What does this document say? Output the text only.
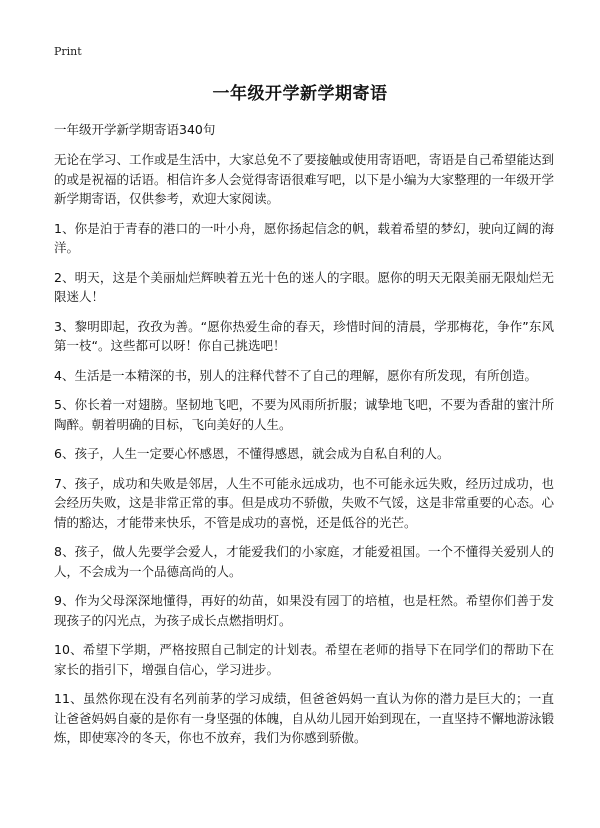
Print
一年级开学新学期寄语

一年级开学新学期寄语340句

无论在学习、工作或是生活中，大家总免不了要接触或使用寄语吧，寄语是自己希望能达到的或是祝福的话语。相信许多人会觉得寄语很难写吧，以下是小编为大家整理的一年级开学新学期寄语，仅供参考，欢迎大家阅读。

1、你是泊于青春的港口的一叶小舟，愿你扬起信念的帆，载着希望的梦幻，驶向辽阔的海洋。

2、明天，这是个美丽灿烂辉映着五光十色的迷人的字眼。愿你的明天无限美丽无限灿烂无限迷人！

3、黎明即起，孜孜为善。“愿你热爱生命的春天，珍惜时间的清晨，学那梅花，争作”东风第一枝“。这些都可以呀！你自己挑选吧！

4、生活是一本精深的书，别人的注释代替不了自己的理解，愿你有所发现，有所创造。

5、你长着一对翅膀。坚韧地飞吧，不要为风雨所折服；诚挚地飞吧，不要为香甜的蜜汁所陶醉。朝着明确的目标，飞向美好的人生。

6、孩子，人生一定要心怀感恩，不懂得感恩，就会成为自私自利的人。

7、孩子，成功和失败是邻居，人生不可能永远成功，也不可能永远失败，经历过成功，也会经历失败，这是非常正常的事。但是成功不骄傲，失败不气馁，这是非常重要的心态。心情的豁达，才能带来快乐，不管是成功的喜悦，还是低谷的光芒。

8、孩子，做人先要学会爱人，才能爱我们的小家庭，才能爱祖国。一个不懂得关爱别人的人，不会成为一个品德高尚的人。

9、作为父母深深地懂得，再好的幼苗，如果没有园丁的培植，也是枉然。希望你们善于发现孩子的闪光点，为孩子成长点燃指明灯。

10、希望下学期，严格按照自己制定的计划表。希望在老师的指导下在同学们的帮助下在家长的指引下，增强自信心，学习进步。

11、虽然你现在没有名列前茅的学习成绩，但爸爸妈妈一直认为你的潜力是巨大的；一直让爸爸妈妈自豪的是你有一身坚强的体魄，自从幼儿园开始到现在，一直坚持不懈地游泳锻炼，即使寒冷的冬天，你也不放弃，我们为你感到骄傲。
